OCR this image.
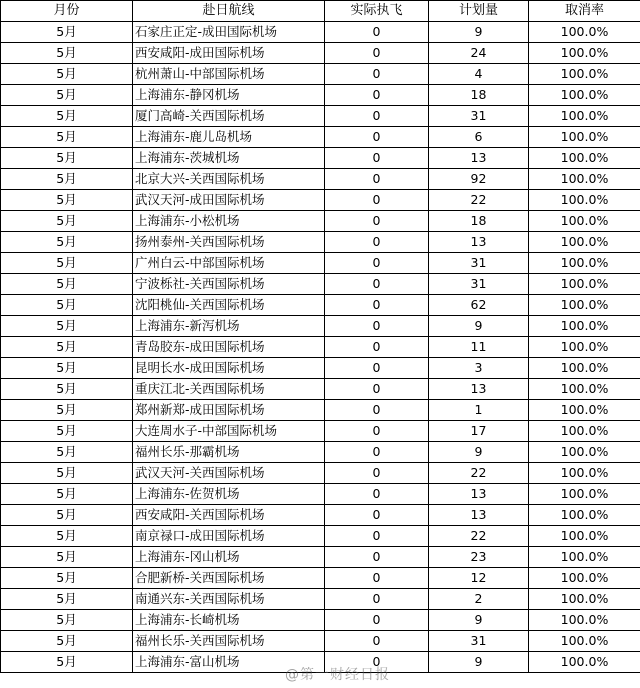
月份	赴日航线	实际执飞	计划量	取消率
5月	石家庄正定-成田国际机场	0	9	100.0%
5月	西安咸阳-成田国际机场	0	24	100.0%
5月	杭州萧山-中部国际机场	0	4	100.0%
5月	上海浦东-静冈机场	0	18	100.0%
5月	厦门高崎-关西国际机场	0	31	100.0%
5月	上海浦东-鹿儿岛机场	0	6	100.0%
5月	上海浦东-茨城机场	0	13	100.0%
5月	北京大兴-关西国际机场	0	92	100.0%
5月	武汉天河-成田国际机场	0	22	100.0%
5月	上海浦东-小松机场	0	18	100.0%
5月	扬州泰州-关西国际机场	0	13	100.0%
5月	广州白云-中部国际机场	0	31	100.0%
5月	宁波栎社-关西国际机场	0	31	100.0%
5月	沈阳桃仙-关西国际机场	0	62	100.0%
5月	上海浦东-新泻机场	0	9	100.0%
5月	青岛胶东-成田国际机场	0	11	100.0%
5月	昆明长水-成田国际机场	0	3	100.0%
5月	重庆江北-关西国际机场	0	13	100.0%
5月	郑州新郑-成田国际机场	0	1	100.0%
5月	大连周水子-中部国际机场	0	17	100.0%
5月	福州长乐-那霸机场	0	9	100.0%
5月	武汉天河-关西国际机场	0	22	100.0%
5月	上海浦东-佐贺机场	0	13	100.0%
5月	西安咸阳-关西国际机场	0	13	100.0%
5月	南京禄口-成田国际机场	0	22	100.0%
5月	上海浦东-冈山机场	0	23	100.0%
5月	合肥新桥-关西国际机场	0	12	100.0%
5月	南通兴东-关西国际机场	0	2	100.0%
5月	上海浦东-长崎机场	0	9	100.0%
5月	福州长乐-关西国际机场	0	31	100.0%
5月	上海浦东-富山机场	0	9	100.0%
@第一财经日报
